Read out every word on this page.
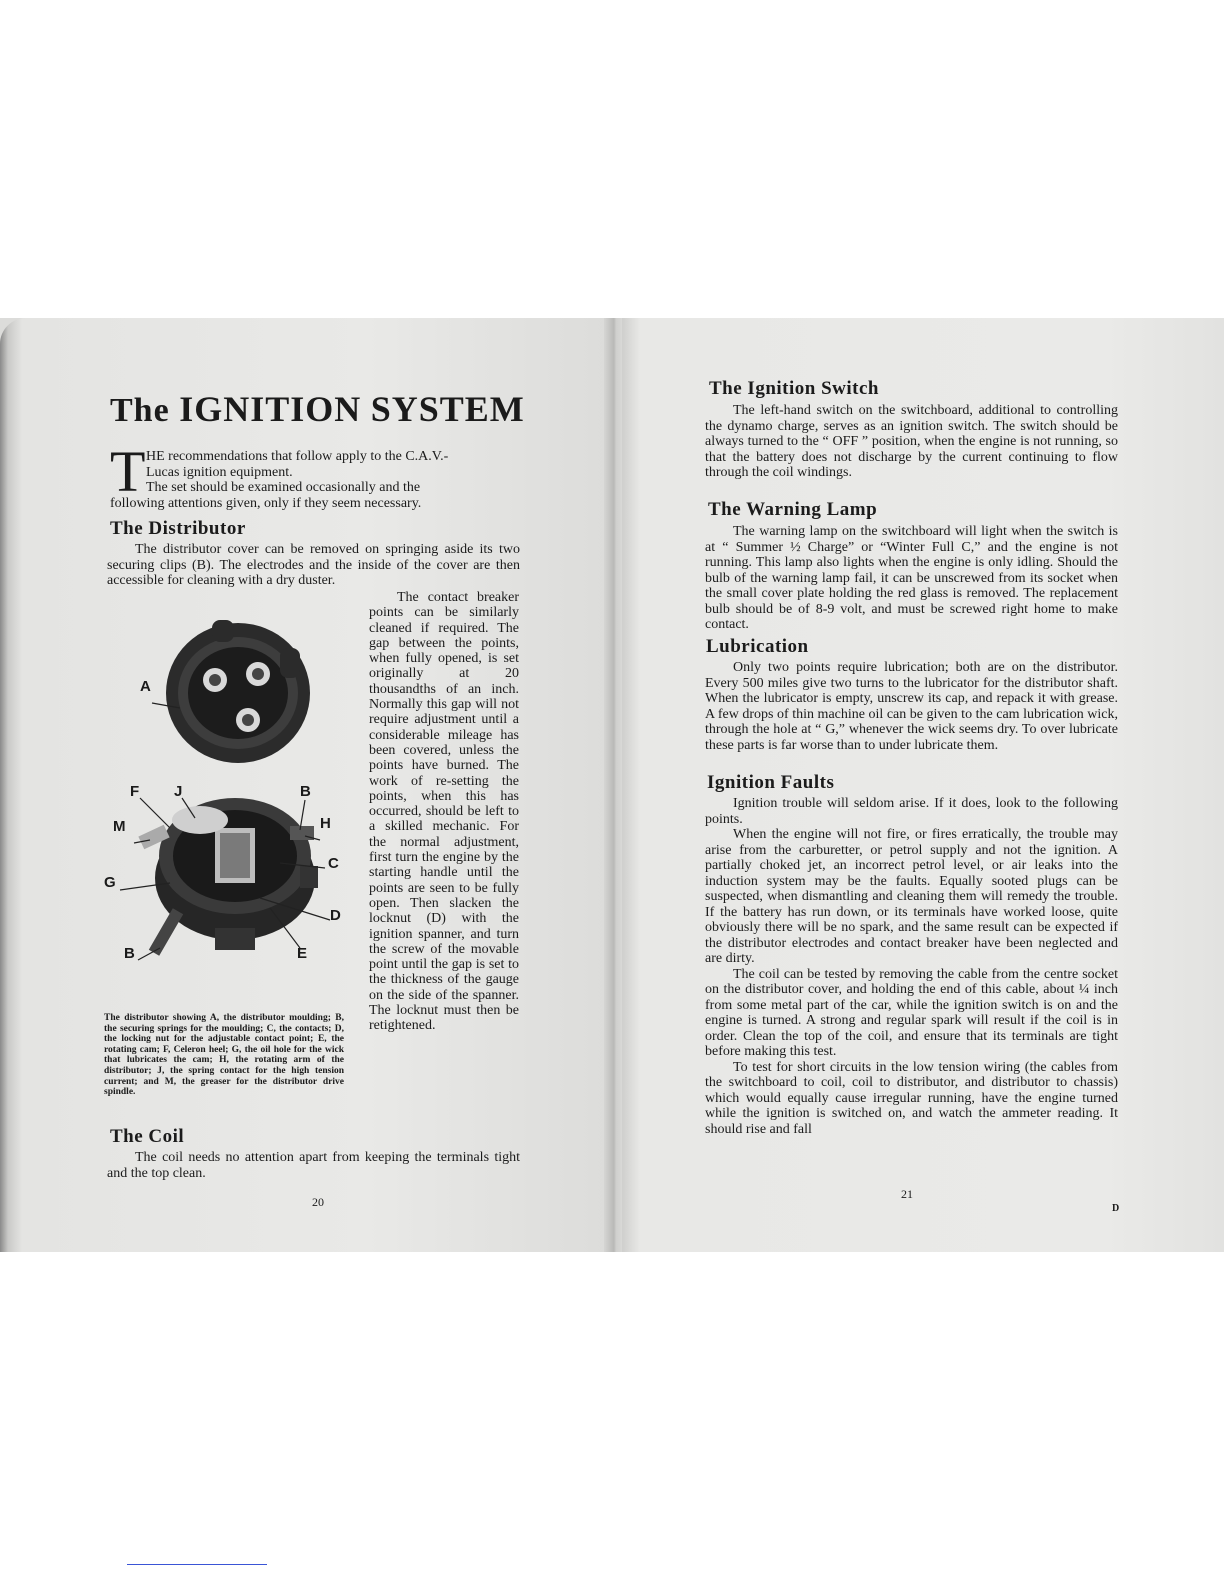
The IGNITION SYSTEM
T HE recommendations that follow apply to the C.A.V.-

Lucas ignition equipment.

The set should be examined occasionally and the

following attentions given, only if they seem necessary.

The Distributor

The distributor cover can be removed on springing aside its two securing clips (B). The electrodes and the inside of the cover are then accessible for cleaning with a dry duster.

The contact breaker points can be similarly cleaned if required. The gap between the points, when fully opened, is set originally at 20 thousandths of an inch. Normally this gap will not require adjustment until a considerable mileage has been covered, unless the points have burned. The work of re-setting the points, when this has occurred, should be left to a skilled mechanic. For the normal adjustment, first turn the engine by the starting handle until the points are seen to be fully open. Then slacken the locknut (D) with the ignition spanner, and turn the screw of the movable point until the gap is set to the thickness of the gauge on the side of the spanner. The locknut must then be retightened.

A
F J	B
M	H
C
G
D
E
B
The distributor showing A, the distributor moulding; B, the securing springs for the moulding; C, the contacts; D, the locking nut for the adjustable contact point; E, the rotating cam; F, Celeron heel; G, the oil hole for the wick that lubricates the cam; H, the rotating arm of the distributor; J, the spring contact for the high tension current; and M, the greaser for the distributor drive spindle.
The Coil

The coil needs no attention apart from keeping the terminals tight and the top clean.

20
The Ignition Switch

The left-hand switch on the switchboard, additional to controlling the dynamo charge, serves as an ignition switch. The switch should be always turned to the “ OFF ” position, when the engine is not running, so that the battery does not discharge by the current continuing to flow through the coil windings.

The Warning Lamp

The warning lamp on the switchboard will light when the switch is at “ Summer ½ Charge” or “Winter Full C,” and the engine is not running. This lamp also lights when the engine is only idling. Should the bulb of the warning lamp fail, it can be unscrewed from its socket when the small cover plate holding the red glass is removed. The replacement bulb should be of 8-9 volt, and must be screwed right home to make contact.

Lubrication

Only two points require lubrication; both are on the distributor. Every 500 miles give two turns to the lubricator for the distributor shaft. When the lubricator is empty, unscrew its cap, and repack it with grease. A few drops of thin machine oil can be given to the cam lubrication wick, through the hole at “ G,” whenever the wick seems dry. To over lubricate these parts is far worse than to under lubricate them.

Ignition Faults

Ignition trouble will seldom arise. If it does, look to the following points.

When the engine will not fire, or fires erratically, the trouble may arise from the carburetter, or petrol supply and not the ignition. A partially choked jet, an incorrect petrol level, or air leaks into the induction system may be the faults. Equally sooted plugs can be suspected, when dismantling and cleaning them will remedy the trouble. If the battery has run down, or its terminals have worked loose, quite obviously there will be no spark, and the same result can be expected if the distributor electrodes and contact breaker have been neglected and are dirty.

The coil can be tested by removing the cable from the centre socket on the distributor cover, and holding the end of this cable, about ¼ inch from some metal part of the car, while the ignition switch is on and the engine is turned. A strong and regular spark will result if the coil is in order. Clean the top of the coil, and ensure that its terminals are tight before making this test.

To test for short circuits in the low tension wiring (the cables from the switchboard to coil, coil to distributor, and distributor to chassis) which would equally cause irregular running, have the engine turned while the ignition is switched on, and watch the ammeter reading. It should rise and fall

21
D
